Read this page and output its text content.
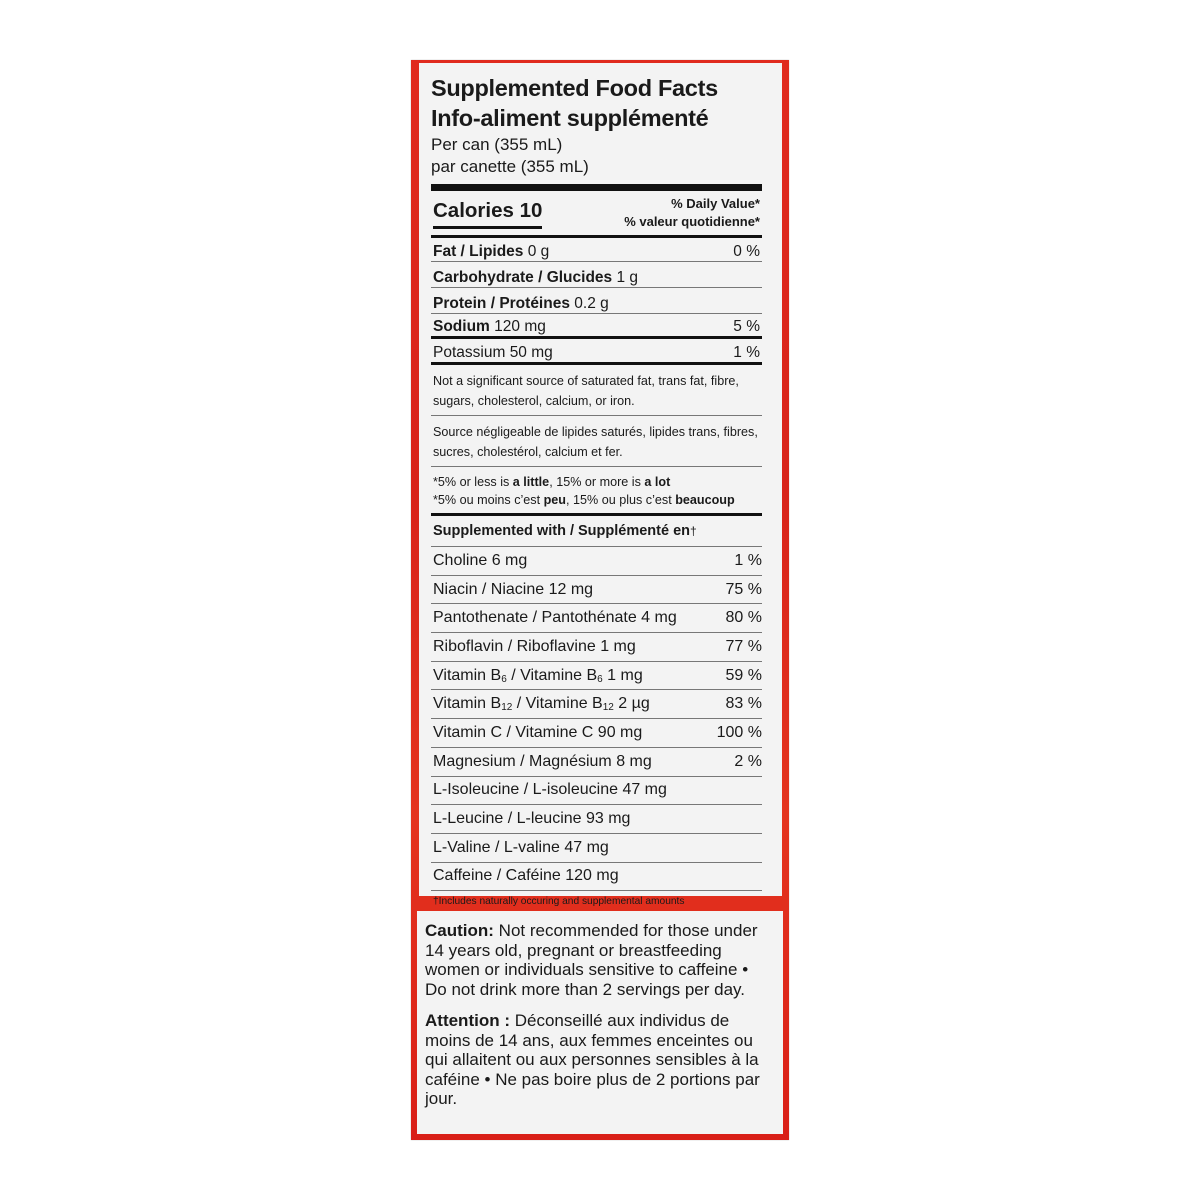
Supplemented Food Facts
Info-aliment supplémenté
Per can (355 mL)
par canette (355 mL)
Calories 10	% Daily Value*
% valeur quotidienne*
Fat / Lipides 0 g	0 %
Carbohydrate / Glucides 1 g
Protein / Protéines 0.2 g
Sodium 120 mg	5 %
Potassium 50 mg	1 %
Not a significant source of saturated fat, trans fat, fibre, sugars, cholesterol, calcium, or iron.
Source négligeable de lipides saturés, lipides trans, fibres, sucres, cholestérol, calcium et fer.
*5% or less is a little, 15% or more is a lot
*5% ou moins c’est peu, 15% ou plus c’est beaucoup
Supplemented with / Supplémenté en †
Choline 6 mg	1 %
Niacin / Niacine 12 mg	75 %
Pantothenate / Pantothénate 4 mg	80 %
Riboflavin / Riboflavine 1 mg	77 %
Vitamin $B_6$ / Vitamine $B_6$ 1 mg	59 %
Vitamin $B_{12}$ / Vitamine $B_{12}$ 2 µg	83 %
Vitamin C / Vitamine C 90 mg	100 %
Magnesium / Magnésium 8 mg	2 %
L-Isoleucine / L-isoleucine 47 mg
L-Leucine / L-leucine 93 mg
L-Valine / L-valine 47 mg
Caffeine / Caféine 120 mg
†Includes naturally occuring and supplemental amounts

Caution: Not recommended for those under 14 years old, pregnant or breastfeeding women or individuals sensitive to caffeine • Do not drink more than 2 servings per day.

Attention : Déconseillé aux individus de moins de 14 ans, aux femmes enceintes ou qui allaitent ou aux personnes sensibles à la caféine • Ne pas boire plus de 2 portions par jour.
